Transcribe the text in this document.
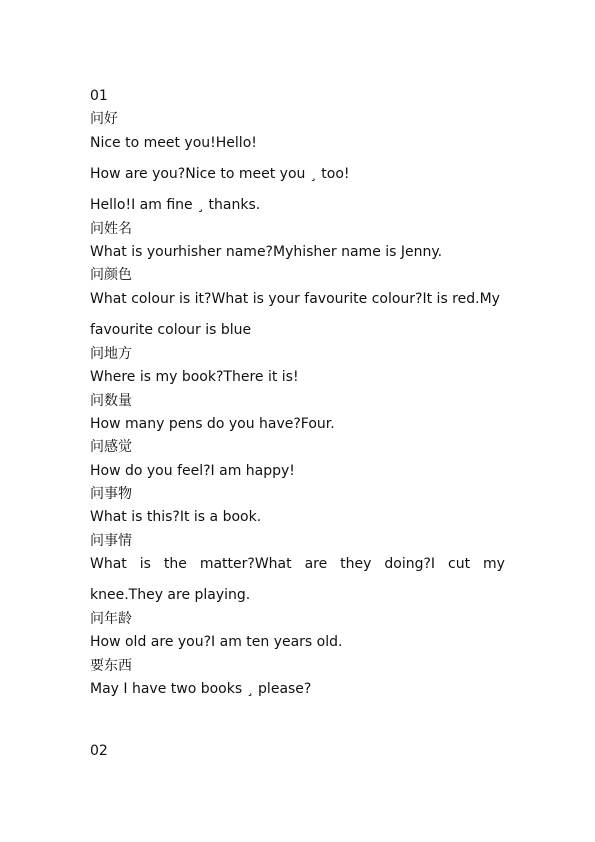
01
问好
Nice to meet you!Hello!
How are you?Nice to meet you ¸ too!
Hello!I am fine ¸ thanks.
问姓名
What is yourhisher name?Myhisher name is Jenny.
问颜色
What colour is it?What is your favourite colour?It is red.My
favourite colour is blue
问地方
Where is my book?There it is!
问数量
How many pens do you have?Four.
问感觉
How do you feel?I am happy!
问事物
What is this?It is a book.
问事情
What is the matter?What are they doing?I cut my
knee.They are playing.
问年龄
How old are you?I am ten years old.
要东西
May I have two books ¸ please?
02
